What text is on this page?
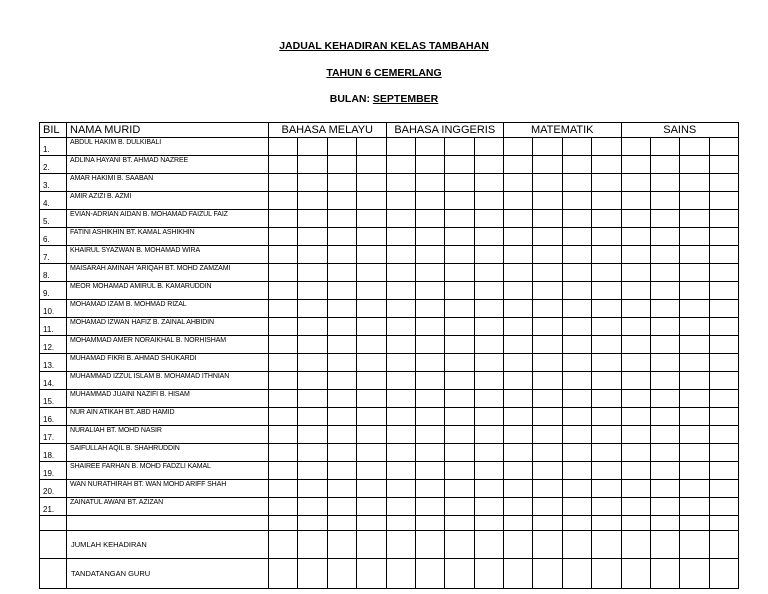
JADUAL KEHADIRAN KELAS TAMBAHAN
TAHUN 6 CEMERLANG
BULAN: SEPTEMBER
BIL	NAMA MURID	BAHASA MELAYU				BAHASA INGGERIS				MATEMATIK				SAINS			
1.	ABDUL HAKIM B. DULKIBALI																
2.	ADLINA HAYANI BT. AHMAD NAZREE																
3.	AMAR HAKIMI B. SAABAN																
4.	AMIR AZIZI B. AZMI																
5.	EVIAN-ADRIAN AIDAN B. MOHAMAD FAIZUL FAIZ																
6.	FATINI ASHIKHIN BT. KAMAL ASHIKHIN																
7.	KHAIRUL SYAZWAN B. MOHAMAD WIRA																
8.	MAISARAH AMINAH 'ARIQAH BT. MOHD ZAMZAMI																
9.	MEOR MOHAMAD AMIRUL B. KAMARUDDIN																
10.	MOHAMAD IZAM B. MOHMAD RIZAL																
11.	MOHAMAD IZWAN HAFIZ B. ZAINAL AHBIDIN																
12.	MOHAMMAD AMER NORAIKHAL B. NORHISHAM																
13.	MUHAMAD FIKRI B. AHMAD SHUKARDI																
14.	MUHAMMAD IZZUL ISLAM B. MOHAMAD ITHNIAN																
15.	MUHAMMAD JUAINI NAZIFI B. HISAM																
16.	NUR AIN ATIKAH BT. ABD HAMID																
17.	NURALIAH BT. MOHD NASIR																
18.	SAIFULLAH AQIL B. SHAHRUDDIN																
19.	SHAIREE FARHAN B. MOHD FADZLI KAMAL																
20.	WAN NURATHIRAH BT. WAN MOHD ARIFF SHAH																
21.	ZAINATUL AWANI BT. AZIZAN																

	JUMLAH KEHADIRAN																
	TANDATANGAN GURU																
